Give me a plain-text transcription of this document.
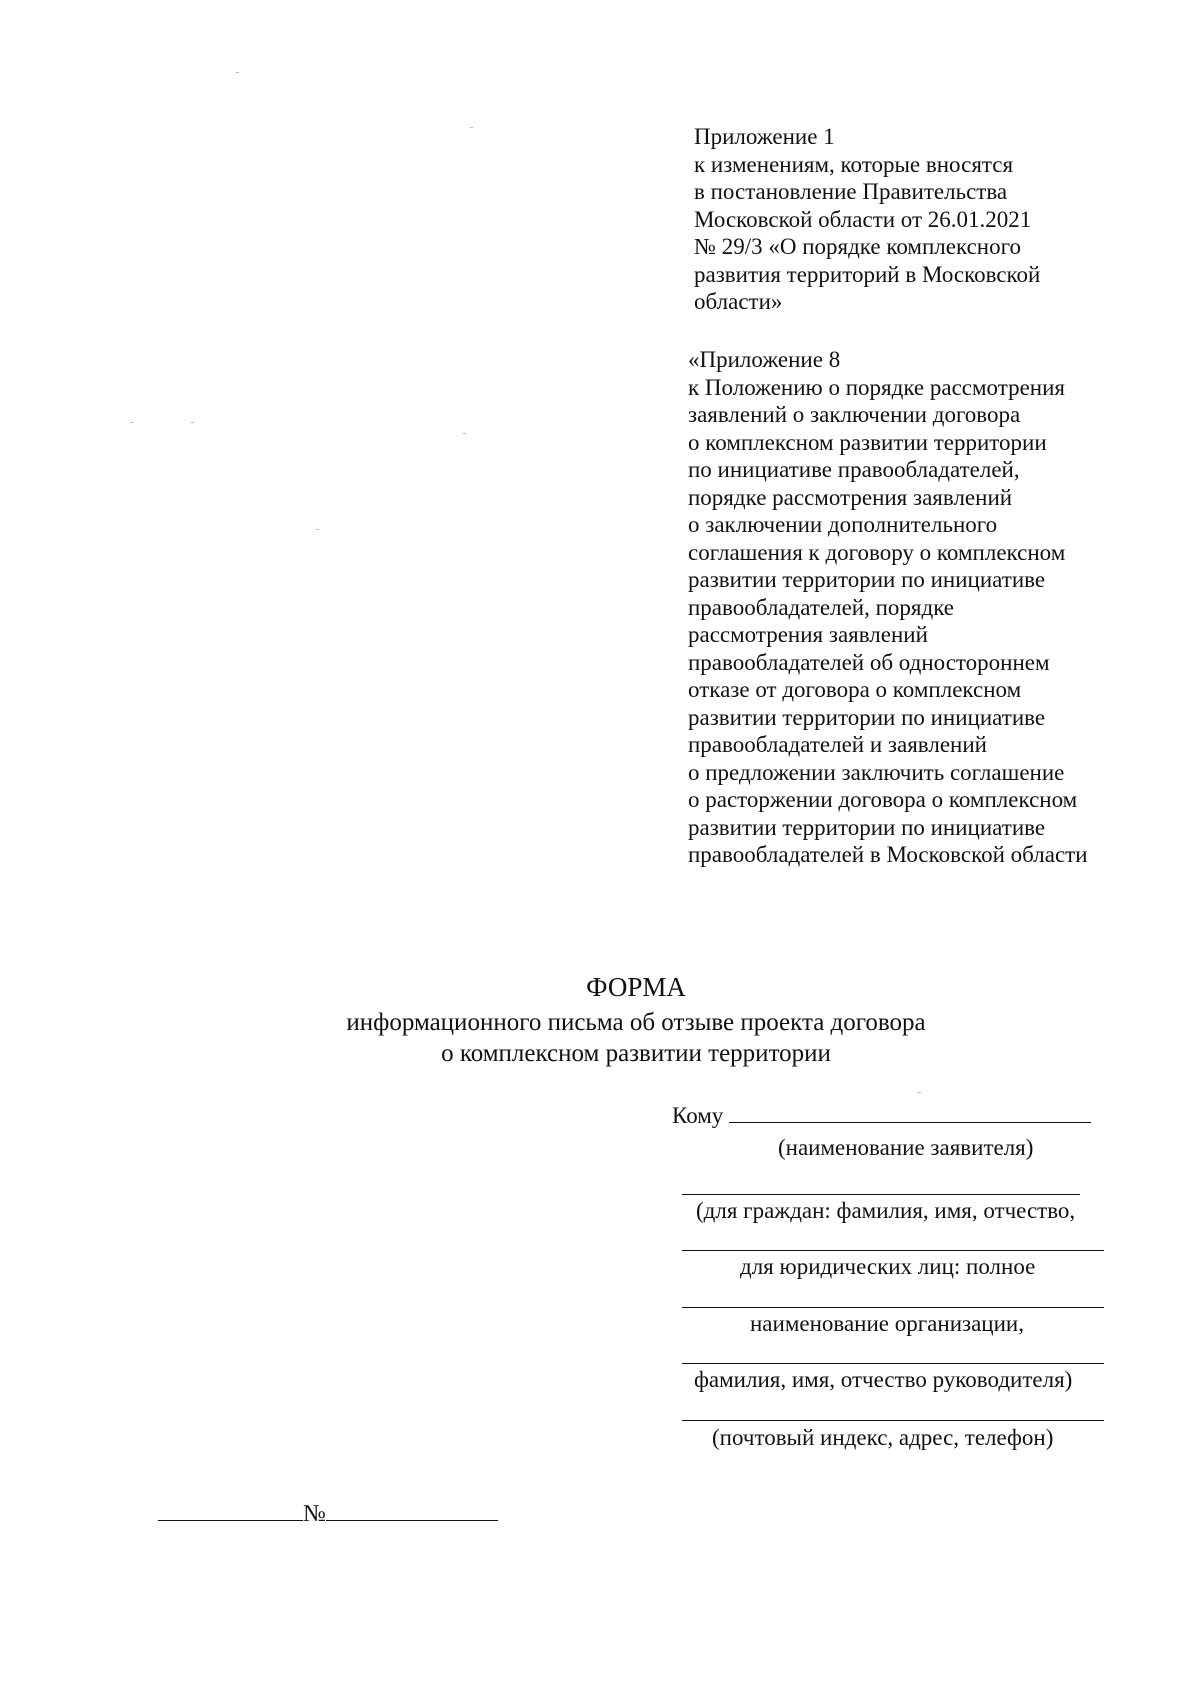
Приложение 1
к изменениям, которые вносятся
в постановление Правительства
Московской области от 26.01.2021
№ 29/3 «О порядке комплексного
развития территорий в Московской
области»
«Приложение 8
к Положению о порядке рассмотрения
заявлений о заключении договора
о комплексном развитии территории
по инициативе правообладателей,
порядке рассмотрения заявлений
о заключении дополнительного
соглашения к договору о комплексном
развитии территории по инициативе
правообладателей, порядке
рассмотрения заявлений
правообладателей об одностороннем
отказе от договора о комплексном
развитии территории по инициативе
правообладателей и заявлений
о предложении заключить соглашение
о расторжении договора о комплексном
развитии территории по инициативе
правообладателей в Московской области
ФОРМА
информационного письма об отзыве проекта договора
о комплексном развитии территории
Кому
(наименование заявителя)
(для граждан: фамилия, имя, отчество,
для юридических лиц: полное
наименование организации,
фамилия, имя, отчество руководителя)
(почтовый индекс, адрес, телефон)
№
